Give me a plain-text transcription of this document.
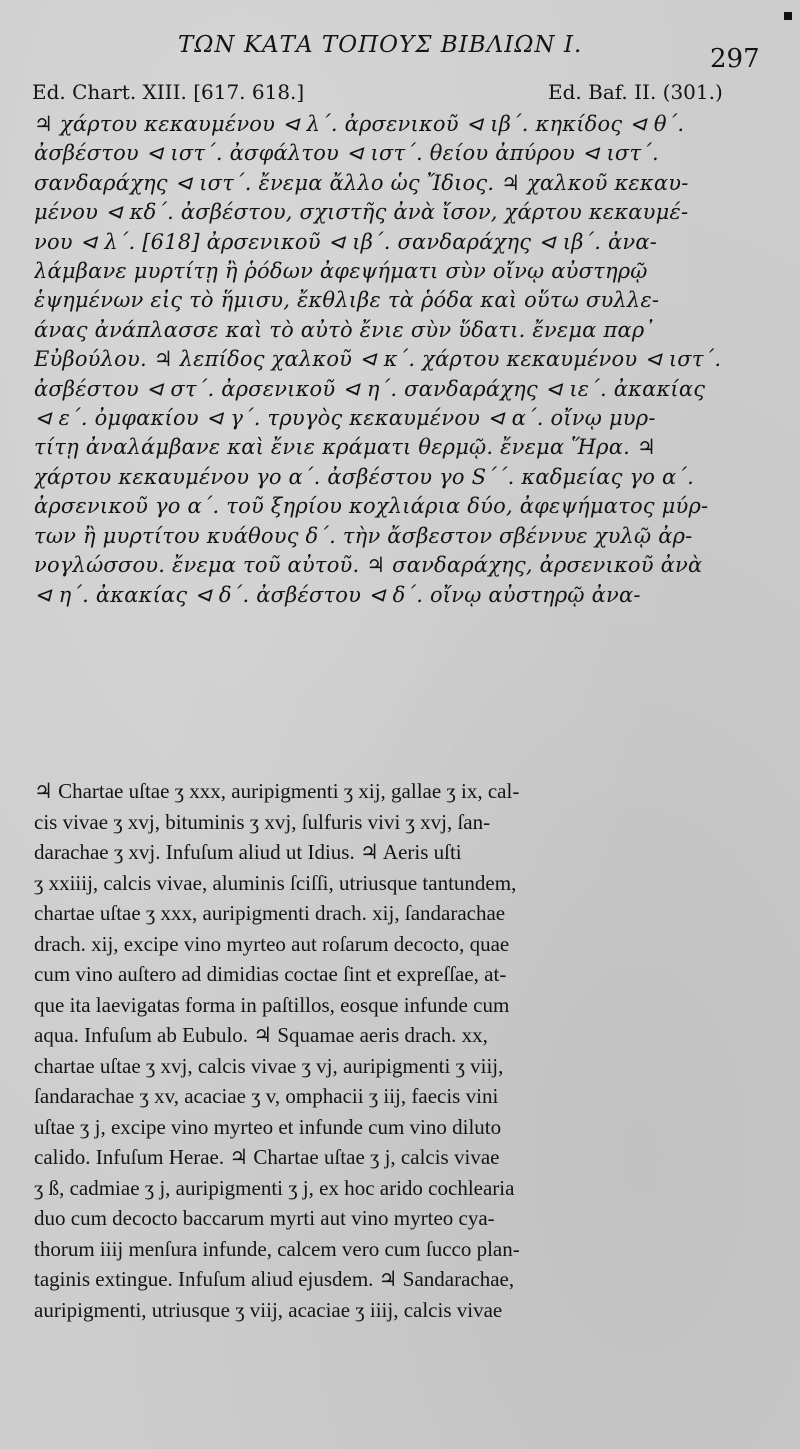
ΤΩΝ ΚΑΤΑ ΤΟΠΟΥΣ ΒΙΒΛΙΩΝ Ι.	297
Ed. Chart. XIII. [617. 618.]	Ed. Baf. II. (301.)
♃ χάρτου κεκαυμένου ⊲ λ΄. ἀρσενικοῦ ⊲ ιβ΄. κηκίδος ⊲ θ΄.
ἀσβέστου ⊲ ιστ΄. ἀσφάλτου ⊲ ιστ΄. θείου ἀπύρου ⊲ ιστ΄.
σανδαράχης ⊲ ιστ΄. ἔνεμα ἄλλο ὡς Ἴδιος. ♃ χαλκοῦ κεκαυ-
μένου ⊲ κδ΄. ἀσβέστου, σχιστῆς ἀνὰ ἴσον, χάρτου κεκαυμέ-
νου ⊲ λ΄. [618] ἀρσενικοῦ ⊲ ιβ΄. σανδαράχης ⊲ ιβ΄. ἀνα-
λάμβανε μυρτίτῃ ἢ ῥόδων ἀφεψήματι σὺν οἴνῳ αὐστηρῷ
ἑψημένων εἰς τὸ ἥμισυ, ἔκθλιβε τὰ ῥόδα καὶ οὕτω συλλε-
άνας ἀνάπλασσε καὶ τὸ αὐτὸ ἔνιε σὺν ὕδατι. ἔνεμα παρ᾽
Εὐβούλου. ♃ λεπίδος χαλκοῦ ⊲ κ΄. χάρτου κεκαυμένου ⊲ ιστ΄.
ἀσβέστου ⊲ στ΄. ἀρσενικοῦ ⊲ η΄. σανδαράχης ⊲ ιε΄. ἀκακίας
⊲ ε΄. ὀμφακίου ⊲ γ΄. τρυγὸς κεκαυμένου ⊲ α΄. οἴνῳ μυρ-
τίτῃ ἀναλάμβανε καὶ ἔνιε κράματι θερμῷ. ἔνεμα Ἥρα. ♃
χάρτου κεκαυμένου γο α΄. ἀσβέστου γο S΄΄. καδμείας γο α΄.
ἀρσενικοῦ γο α΄. τοῦ ξηρίου κοχλιάρια δύο, ἀφεψήματος μύρ-
των ἢ μυρτίτου κυάθους δ΄. τὴν ἄσβεστον σβέννυε χυλῷ ἀρ-
νογλώσσου. ἔνεμα τοῦ αὐτοῦ. ♃ σανδαράχης, ἀρσενικοῦ ἀνὰ
⊲ η΄. ἀκακίας ⊲ δ΄. ἀσβέστου ⊲ δ΄. οἴνῳ αὐστηρῷ ἀνα-
♃ Chartae uſtae ʒ xxx, auripigmenti ʒ xij, gallae ʒ ix, cal-
cis vivae ʒ xvj, bituminis ʒ xvj, ſulfuris vivi ʒ xvj, ſan-
darachae ʒ xvj. Infuſum aliud ut Idius. ♃ Aeris uſti
ʒ xxiiij, calcis vivae, aluminis ſciſſi, utriusque tantundem,
chartae uſtae ʒ xxx, auripigmenti drach. xij, ſandarachae
drach. xij, excipe vino myrteo aut roſarum decocto, quae
cum vino auſtero ad dimidias coctae ſint et expreſſae, at-
que ita laevigatas forma in paſtillos, eosque infunde cum
aqua. Infuſum ab Eubulo. ♃ Squamae aeris drach. xx,
chartae uſtae ʒ xvj, calcis vivae ʒ vj, auripigmenti ʒ viij,
ſandarachae ʒ xv, acaciae ʒ v, omphacii ʒ iij, faecis vini
uſtae ʒ j, excipe vino myrteo et infunde cum vino diluto
calido. Infuſum Herae. ♃ Chartae uſtae ʒ j, calcis vivae
ʒ ß, cadmiae ʒ j, auripigmenti ʒ j, ex hoc arido cochlearia
duo cum decocto baccarum myrti aut vino myrteo cya-
thorum iiij menſura infunde, calcem vero cum ſucco plan-
taginis extingue. Infuſum aliud ejusdem. ♃ Sandarachae,
auripigmenti, utriusque ʒ viij, acaciae ʒ iiij, calcis vivae
